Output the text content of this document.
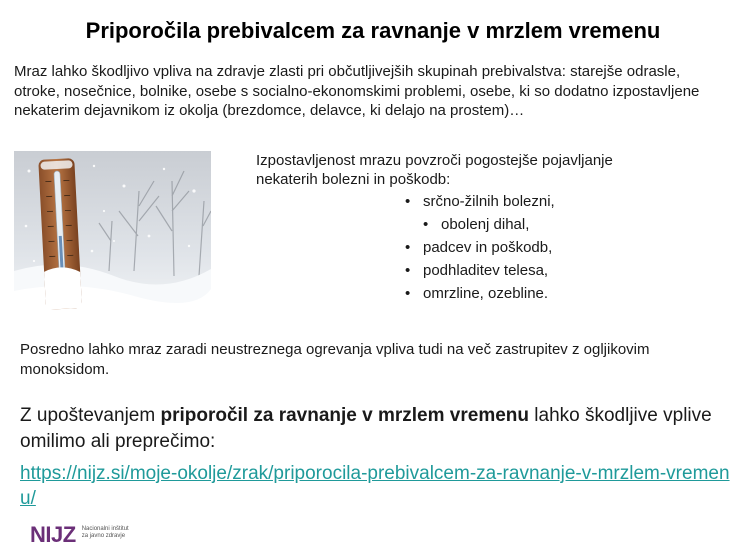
Priporočila prebivalcem za ravnanje v mrzlem vremenu
Mraz lahko škodljivo vpliva na zdravje zlasti pri občutljivejših skupinah prebivalstva: starejše odrasle, otroke, nosečnice, bolnike, osebe s socialno-ekonomskimi problemi, osebe, ki so dodatno izpostavljene nekaterim dejavnikom iz okolja (brezdomce, delavce, ki delajo na prostem)…
Izpostavljenost mrazu povzroči pogostejše pojavljanje nekaterih bolezni in poškodb:
• srčno-žilnih bolezni,
• obolenj dihal,
• padcev in poškodb,
• podhladitev telesa,
• omrzline, ozebline.
Posredno lahko mraz zaradi neustreznega ogrevanja vpliva tudi na več zastrupitev z ogljikovim monoksidom.
Z upoštevanjem priporočil za ravnanje v mrzlem vremenu lahko škodljive vplive omilimo ali preprečimo:
https://nijz.si/moje-okolje/zrak/priporocila-prebivalcem-za-ravnanje-v-mrzlem-vremenu/
NIJZ Nacionalni inštitut
za javno zdravje
